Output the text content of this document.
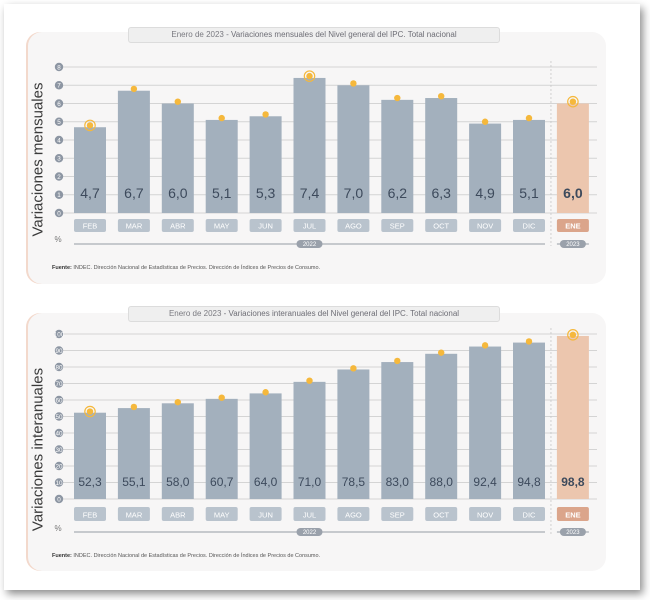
Enero de 2023 - Variaciones mensuales del Nivel general del IPC. Total nacional
Enero de 2023 - Variaciones interanuales del Nivel general del IPC. Total nacional
Variaciones mensuales
Variaciones interanuales
Fuente: INDEC. Dirección Nacional de Estadísticas de Precios. Dirección de Índices de Precios de Consumo.
Fuente: INDEC. Dirección Nacional de Estadísticas de Precios. Dirección de Índices de Precios de Consumo.
0
1
2
3
4
5
6
7
8
%
4,7
FEB
6,7
MAR
6,0
ABR
5,1
MAY
5,3
JUN
7,4
JUL
7,0
AGO
6,2
SEP
6,3
OCT
4,9
NOV
5,1
DIC
6,0
ENE
2022	2023
0
10
20
30
40
50
60
70
80
90
100
%
52,3
FEB
55,1
MAR
58,0
ABR
60,7
MAY
64,0
JUN
71,0
JUL
78,5
AGO
83,0
SEP
88,0
OCT
92,4
NOV
94,8
DIC
98,8
ENE
2022	2023
